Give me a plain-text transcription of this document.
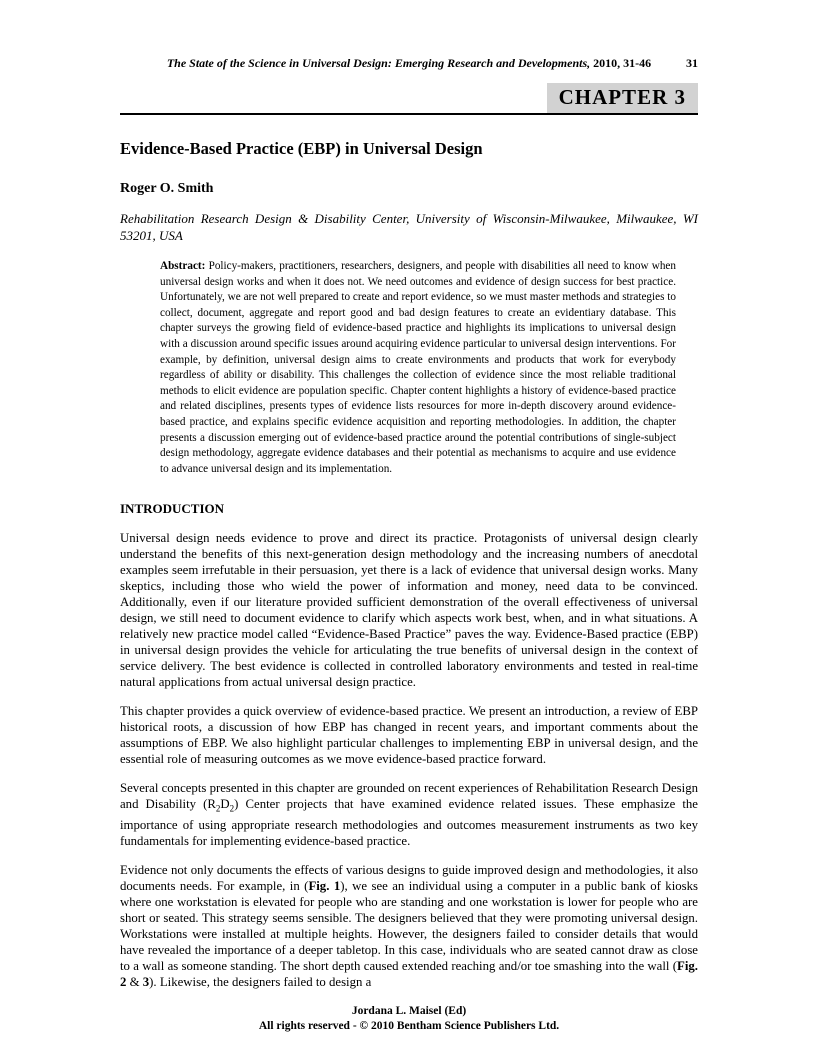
The State of the Science in Universal Design: Emerging Research and Developments, 2010, 31-46	31
CHAPTER 3
Evidence-Based Practice (EBP) in Universal Design
Roger O. Smith
Rehabilitation Research Design & Disability Center, University of Wisconsin-Milwaukee, Milwaukee, WI 53201, USA
Abstract: Policy-makers, practitioners, researchers, designers, and people with disabilities all need to know when universal design works and when it does not. We need outcomes and evidence of design success for best practice. Unfortunately, we are not well prepared to create and report evidence, so we must master methods and strategies to collect, document, aggregate and report good and bad design features to create an evidentiary database. This chapter surveys the growing field of evidence-based practice and highlights its implications to universal design with a discussion around specific issues around acquiring evidence particular to universal design interventions. For example, by definition, universal design aims to create environments and products that work for everybody regardless of ability or disability. This challenges the collection of evidence since the most reliable traditional methods to elicit evidence are population specific. Chapter content highlights a history of evidence-based practice and related disciplines, presents types of evidence lists resources for more in-depth discovery around evidence-based practice, and explains specific evidence acquisition and reporting methodologies. In addition, the chapter presents a discussion emerging out of evidence-based practice around the potential contributions of single-subject design methodology, aggregate evidence databases and their potential as mechanisms to acquire and use evidence to advance universal design and its implementation.
INTRODUCTION

Universal design needs evidence to prove and direct its practice. Protagonists of universal design clearly understand the benefits of this next-generation design methodology and the increasing numbers of anecdotal examples seem irrefutable in their persuasion, yet there is a lack of evidence that universal design works. Many skeptics, including those who wield the power of information and money, need data to be convinced. Additionally, even if our literature provided sufficient demonstration of the overall effectiveness of universal design, we still need to document evidence to clarify which aspects work best, when, and in what situations. A relatively new practice model called “Evidence-Based Practice” paves the way. Evidence-Based practice (EBP) in universal design provides the vehicle for articulating the true benefits of universal design in the context of service delivery. The best evidence is collected in controlled laboratory environments and tested in real-time natural applications from actual universal design practice.

This chapter provides a quick overview of evidence-based practice. We present an introduction, a review of EBP historical roots, a discussion of how EBP has changed in recent years, and important comments about the assumptions of EBP. We also highlight particular challenges to implementing EBP in universal design, and the essential role of measuring outcomes as we move evidence-based practice forward.

Several concepts presented in this chapter are grounded on recent experiences of Rehabilitation Research Design and Disability $(R_2D_2)$ Center projects that have examined evidence related issues. These emphasize the importance of using appropriate research methodologies and outcomes measurement instruments as two key fundamentals for implementing evidence-based practice.

Evidence not only documents the effects of various designs to guide improved design and methodologies, it also documents needs. For example, in (Fig. 1), we see an individual using a computer in a public bank of kiosks where one workstation is elevated for people who are standing and one workstation is lower for people who are short or seated. This strategy seems sensible. The designers believed that they were promoting universal design. Workstations were installed at multiple heights. However, the designers failed to consider details that would have revealed the importance of a deeper tabletop. In this case, individuals who are seated cannot draw as close to a wall as someone standing. The short depth caused extended reaching and/or toe smashing into the wall (Fig. 2 & 3). Likewise, the designers failed to design a

Jordana L. Maisel (Ed)
All rights reserved - © 2010 Bentham Science Publishers Ltd.
